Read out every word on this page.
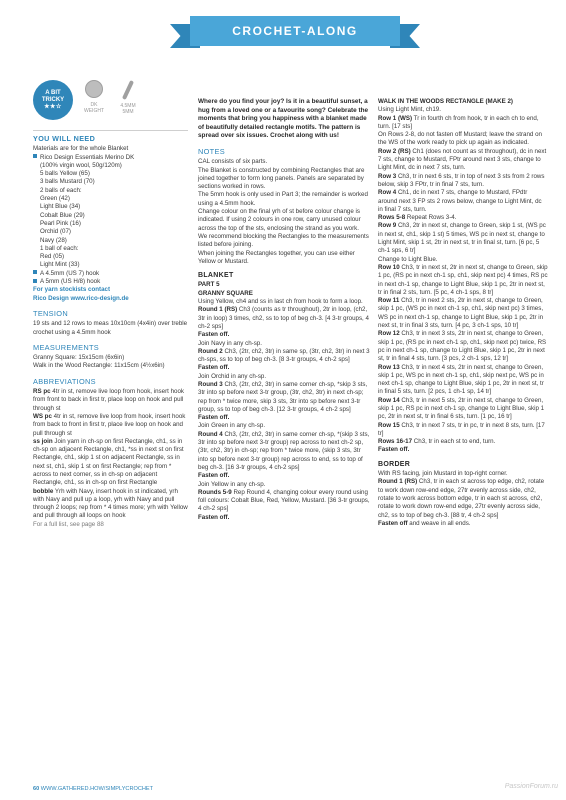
CROCHET-ALONG
A BIT
TRICKY
★★☆	DK WEIGHT
4.5MM 5MM
YOU WILL NEED
Materials are for the whole Blanket
Rico Design Essentials Merino DK
(100% virgin wool, 50g/120m)
5 balls Yellow (65)
3 balls Mustard (70)
2 balls of each:
Green (42)
Light Blue (34)
Cobalt Blue (29)
Pearl Pink (16)
Orchid (07)
Navy (28)
1 ball of each:
Red (05)
Light Mint (33)
A 4.5mm (US 7) hook
A 5mm (US H/8) hook
For yarn stockists contact
Rico Design www.rico-design.de
TENSION
19 sts and 12 rows to meas 10x10cm (4x4in) over treble crochet using a 4.5mm hook
MEASUREMENTS
Granny Square: 15x15cm (6x6in)
Walk in the Wood Rectangle: 11x15cm (4½x6in)
ABBREVIATIONS
RS pc 4tr in st, remove live loop from hook, insert hook from front to back in first tr, place loop on hook and pull through st
WS pc 4tr in st, remove live loop from hook, insert hook from back to front in first tr, place live loop on hook and pull through st
ss join Join yarn in ch-sp on first Rectangle, ch1, ss in ch-sp on adjacent Rectangle, ch1, *ss in next st on first Rectangle, ch1, skip 1 st on adjacent Rectangle, ss in next st, ch1, skip 1 st on first Rectangle; rep from * across to next corner, ss in ch-sp on adjacent Rectangle, ch1, ss in ch-sp on first Rectangle
bobble Yrh with Navy, insert hook in st indicated, yrh with Navy and pull up a loop, yrh with Navy and pull through 2 loops; rep from * 4 times more; yrh with Yellow and pull through all loops on hook
For a full list, see page 88
Where do you find your joy? Is it in a beautiful sunset, a hug from a loved one or a favourite song? Celebrate the moments that bring you happiness with a blanket made of beautifully detailed rectangle motifs. The pattern is spread over six issues. Crochet along with us!
NOTES
CAL consists of six parts.
The Blanket is constructed by combining Rectangles that are joined together to form long panels. Panels are separated by sections worked in rows.
The 5mm hook is only used in Part 3; the remainder is worked using a 4.5mm hook.
Change colour on the final yrh of st before colour change is indicated. If using 2 colours in one row, carry unused colour across the top of the sts, enclosing the strand as you work.
We recommend blocking the Rectangles to the measurements listed before joining.
When joining the Rectangles together, you can use either Yellow or Mustard.
BLANKET
PART 5
GRANNY SQUARE
Using Yellow, ch4 and ss in last ch from hook to form a loop.
Round 1 (RS) Ch3 (counts as tr throughout), 2tr in loop, (ch2, 3tr in loop) 3 times, ch2, ss to top of beg ch-3. [4 3-tr groups, 4 ch-2 sps]
Fasten off.
Join Navy in any ch-sp.
Round 2 Ch3, (2tr, ch2, 3tr) in same sp, (3tr, ch2, 3tr) in next 3 ch-sps, ss to top of beg ch-3. [8 3-tr groups, 4 ch-2 sps]
Fasten off.
Join Orchid in any ch-sp.
Round 3 Ch3, (2tr, ch2, 3tr) in same corner ch-sp, *skip 3 sts, 3tr into sp before next 3-tr group, (3tr, ch2, 3tr) in next ch-sp; rep from * twice more, skip 3 sts, 3tr into sp before next 3-tr group, ss to top of beg ch-3. [12 3-tr groups, 4 ch-2 sps]
Fasten off.
Join Green in any ch-sp.
Round 4 Ch3, (2tr, ch2, 3tr) in same corner ch-sp, *(skip 3 sts, 3tr into sp before next 3-tr group) rep across to next ch-2 sp, (3tr, ch2, 3tr) in ch-sp; rep from * twice more, (skip 3 sts, 3tr into sp before next 3-tr group) rep across to end, ss to top of beg ch-3. [16 3-tr groups, 4 ch-2 sps]
Fasten off.
Join Yellow in any ch-sp.
Rounds 5-9 Rep Round 4, changing colour every round using foll colours: Cobalt Blue, Red, Yellow, Mustard. [36 3-tr groups, 4 ch-2 sps]
Fasten off.
WALK IN THE WOODS RECTANGLE (MAKE 2)
Using Light Mint, ch19.
Row 1 (WS) Tr in fourth ch from hook, tr in each ch to end, turn. [17 sts]
On Rows 2-8, do not fasten off Mustard; leave the strand on the WS of the work ready to pick up again as indicated.
Row 2 (RS) Ch1 (does not count as st throughout), dc in next 7 sts, change to Mustard, FPtr around next 3 sts, change to Light Mint, dc in next 7 sts, turn.
Row 3 Ch3, tr in next 6 sts, tr in top of next 3 sts from 2 rows below, skip 3 FPtr, tr in final 7 sts, turn.
Row 4 Ch1, dc in next 7 sts, change to Mustard, FPdtr around next 3 FP sts 2 rows below, change to Light Mint, dc in final 7 sts, turn.
Rows 5-8 Repeat Rows 3-4.
Row 9 Ch3, 2tr in next st, change to Green, skip 1 st, (WS pc in next st, ch1, skip 1 st) 5 times, WS pc in next st, change to Light Mint, skip 1 st, 2tr in next st, tr in final st, turn. [6 pc, 5 ch-1 sps, 6 tr]
Change to Light Blue.
Row 10 Ch3, tr in next st, 2tr in next st, change to Green, skip 1 pc, (RS pc in next ch-1 sp, ch1, skip next pc) 4 times, RS pc in next ch-1 sp, change to Light Blue, skip 1 pc, 2tr in next st, tr in final 2 sts, turn. [5 pc, 4 ch-1 sps, 8 tr]
Row 11 Ch3, tr in next 2 sts, 2tr in next st, change to Green, skip 1 pc, (WS pc in next ch-1 sp, ch1, skip next pc) 3 times, WS pc in next ch-1 sp, change to Light Blue, skip 1 pc, 2tr in next st, tr in final 3 sts, turn. [4 pc, 3 ch-1 sps, 10 tr]
Row 12 Ch3, tr in next 3 sts, 2tr in next st, change to Green, skip 1 pc, (RS pc in next ch-1 sp, ch1, skip next pc) twice, RS pc in next ch-1 sp, change to Light Blue, skip 1 pc, 2tr in next st, tr in final 4 sts, turn. [3 pcs, 2 ch-1 sps, 12 tr]
Row 13 Ch3, tr in next 4 sts, 2tr in next st, change to Green, skip 1 pc, WS pc in next ch-1 sp, ch1, skip next pc, WS pc in next ch-1 sp, change to Light Blue, skip 1 pc, 2tr in next st, tr in final 5 sts, turn. [2 pcs, 1 ch-1 sp, 14 tr]
Row 14 Ch3, tr in next 5 sts, 2tr in next st, change to Green, skip 1 pc, RS pc in next ch-1 sp, change to Light Blue, skip 1 pc, 2tr in next st, tr in final 6 sts, turn. [1 pc, 16 tr]
Row 15 Ch3, tr in next 7 sts, tr in pc, tr in next 8 sts, turn. [17 tr]
Rows 16-17 Ch3, tr in each st to end, turn.
Fasten off.
BORDER
With RS facing, join Mustard in top-right corner.
Round 1 (RS) Ch3, tr in each st across top edge, ch2, rotate to work down row-end edge, 27tr evenly across side, ch2, rotate to work across bottom edge, tr in each st across, ch2, rotate to work down row-end edge, 27tr evenly across side, ch2, ss to top of beg ch-3. [88 tr, 4 ch-2 sps]
Fasten off and weave in all ends.
60 WWW.GATHERED.HOW/SIMPLYCROCHET	PassionForum.ru
